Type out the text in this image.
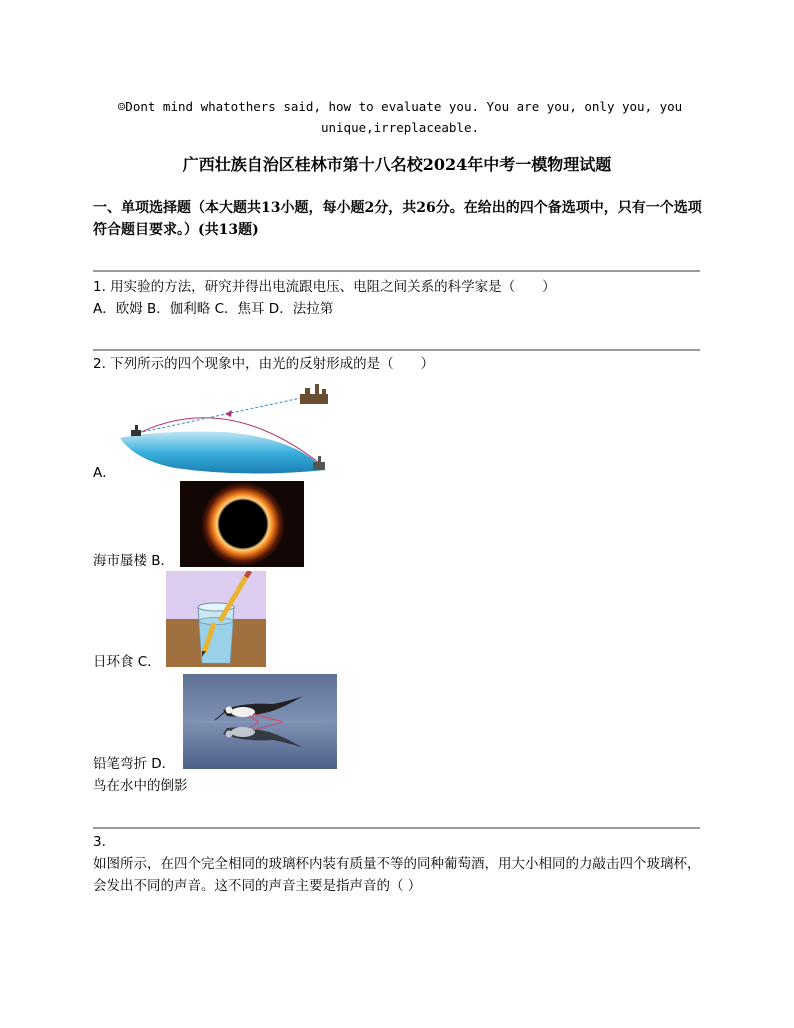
☺Dont mind whatothers said, how to evaluate you. You are you, only you, you unique,irreplaceable.
广西壮族自治区桂林市第十八名校2024年中考一模物理试题
一、单项选择题（本大题共13小题，每小题2分，共26分。在给出的四个备选项中，只有一个选项符合题目要求。）(共13题)
1. 用实验的方法，研究并得出电流跟电压、电阻之间关系的科学家是（　　）
A．欧姆 B．伽利略 C．焦耳 D．法拉第
2. 下列所示的四个现象中，由光的反射形成的是（　　）
A．
海市蜃楼 B．
日环食 C．
铅笔弯折 D．
鸟在水中的倒影
3.
如图所示，在四个完全相同的玻璃杯内装有质量不等的同种葡萄酒，用大小相同的力敲击四个玻璃杯，会发出不同的声音。这不同的声音主要是指声音的（ ）
